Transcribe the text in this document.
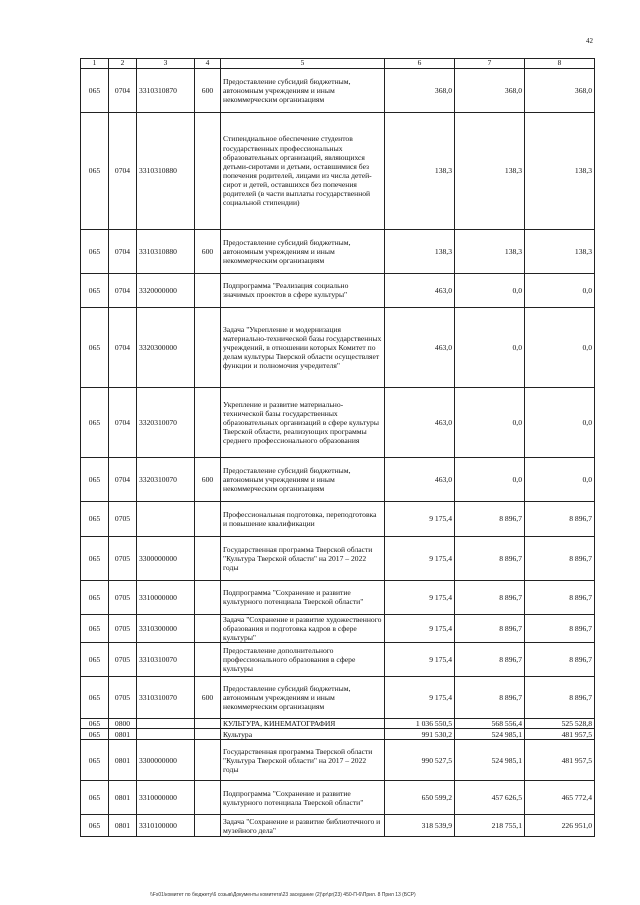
42
1	2	3	4	5	6	7	8
065	0704	3310310870	600	Предоставление субсидий бюджетным, автономным учреждениям и иным некоммерческим организациям	368,0	368,0	368,0
065	0704	3310310880		Стипендиальное обеспечение студентов государственных профессиональных образовательных организаций, являющихся детьми-сиротами и детьми, оставшимися без попечения родителей, лицами из числа детей-сирот и детей, оставшихся без попечения родителей (в части выплаты государственной социальной стипендии)	138,3	138,3	138,3
065	0704	3310310880	600	Предоставление субсидий бюджетным, автономным учреждениям и иным некоммерческим организациям	138,3	138,3	138,3
065	0704	3320000000		Подпрограмма "Реализация социально значимых проектов в сфере культуры"	463,0	0,0	0,0
065	0704	3320300000		Задача "Укрепление и модернизация материально-технической базы государственных учреждений, в отношении которых Комитет по делам культуры Тверской области осуществляет функции и полномочия учредителя"	463,0	0,0	0,0
065	0704	3320310070		Укрепление и развитие материально-технической базы государственных образовательных организаций в сфере культуры Тверской области, реализующих программы среднего профессионального образования	463,0	0,0	0,0
065	0704	3320310070	600	Предоставление субсидий бюджетным, автономным учреждениям и иным некоммерческим организациям	463,0	0,0	0,0
065	0705			Профессиональная подготовка, переподготовка и повышение квалификации	9 175,4	8 896,7	8 896,7
065	0705	3300000000		Государственная программа Тверской области "Культура Тверской области" на 2017 – 2022 годы	9 175,4	8 896,7	8 896,7
065	0705	3310000000		Подпрограмма "Сохранение и развитие культурного потенциала Тверской области"	9 175,4	8 896,7	8 896,7
065	0705	3310300000		Задача "Сохранение и развитие художественного образования и подготовка кадров в сфере культуры"	9 175,4	8 896,7	8 896,7
065	0705	3310310070		Предоставление дополнительного профессионального образования в сфере культуры	9 175,4	8 896,7	8 896,7
065	0705	3310310070	600	Предоставление субсидий бюджетным, автономным учреждениям и иным некоммерческим организациям	9 175,4	8 896,7	8 896,7
065	0800			КУЛЬТУРА, КИНЕМАТОГРАФИЯ	1 036 550,5	568 556,4	525 528,8
065	0801			Культура	991 530,2	524 985,1	481 957,5
065	0801	3300000000		Государственная программа Тверской области "Культура Тверской области" на 2017 – 2022 годы	990 527,5	524 985,1	481 957,5
065	0801	3310000000		Подпрограмма "Сохранение и развитие культурного потенциала Тверской области"	650 599,2	457 626,5	465 772,4
065	0801	3310100000		Задача "Сохранение и развитие библиотечного и музейного дела"	318 539,9	218 755,1	226 951,0
\\Fs01\комитет по бюджету\6 созыв\Документы комитета\23 заседание (2)\pr\pr(23) 450-П-6\Прил. 8 Прил 13 (БСР)
